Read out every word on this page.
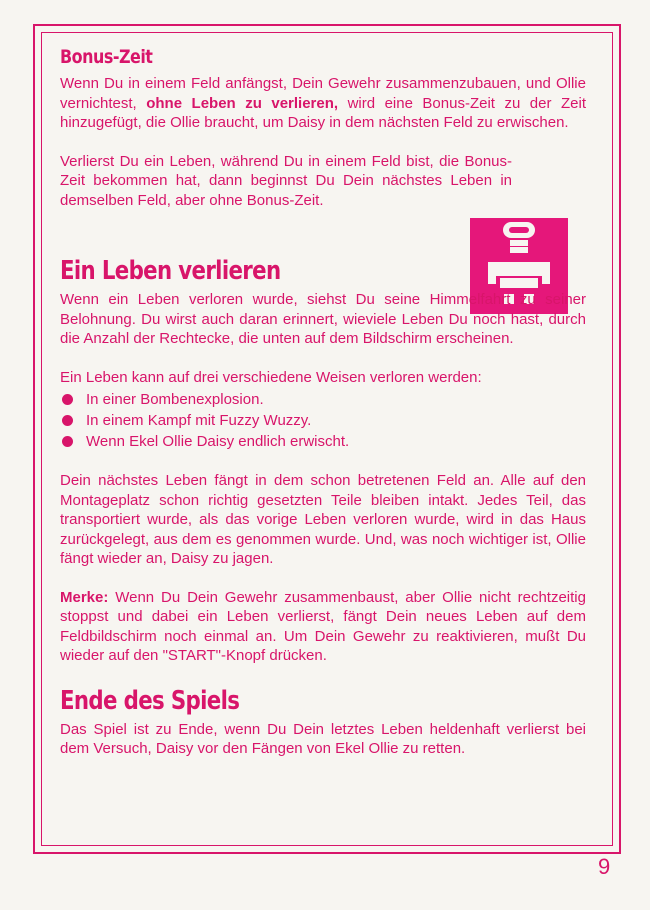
Bonus-Zeit

Wenn Du in einem Feld anfängst, Dein Gewehr zusammenzubauen, und Ollie vernichtest, ohne Leben zu verlieren, wird eine Bonus-Zeit zu der Zeit hinzugefügt, die Ollie braucht, um Daisy in dem nächsten Feld zu erwischen.

Verlierst Du ein Leben, während Du in einem Feld bist, die Bonus-Zeit bekommen hat, dann beginnst Du Dein nächstes Leben in demselben Feld, aber ohne Bonus-Zeit.

Ein Leben verlieren

Wenn ein Leben verloren wurde, siehst Du seine Himmelfahrt zu seiner Belohnung. Du wirst auch daran erinnert, wieviele Leben Du noch hast, durch die Anzahl der Rechtecke, die unten auf dem Bildschirm erscheinen.

Ein Leben kann auf drei verschiedene Weisen verloren werden:

In einer Bombenexplosion.
In einem Kampf mit Fuzzy Wuzzy.
Wenn Ekel Ollie Daisy endlich erwischt.

Dein nächstes Leben fängt in dem schon betretenen Feld an. Alle auf den Montageplatz schon richtig gesetzten Teile bleiben intakt. Jedes Teil, das transportiert wurde, als das vorige Leben verloren wurde, wird in das Haus zurückgelegt, aus dem es genommen wurde. Und, was noch wichtiger ist, Ollie fängt wieder an, Daisy zu jagen.

Merke: Wenn Du Dein Gewehr zusammenbaust, aber Ollie nicht rechtzeitig stoppst und dabei ein Leben verlierst, fängt Dein neues Leben auf dem Feldbildschirm noch einmal an. Um Dein Gewehr zu reaktivieren, mußt Du wieder auf den "START"-Knopf drücken.

Ende des Spiels

Das Spiel ist zu Ende, wenn Du Dein letztes Leben heldenhaft verlierst bei dem Versuch, Daisy vor den Fängen von Ekel Ollie zu retten.

9
